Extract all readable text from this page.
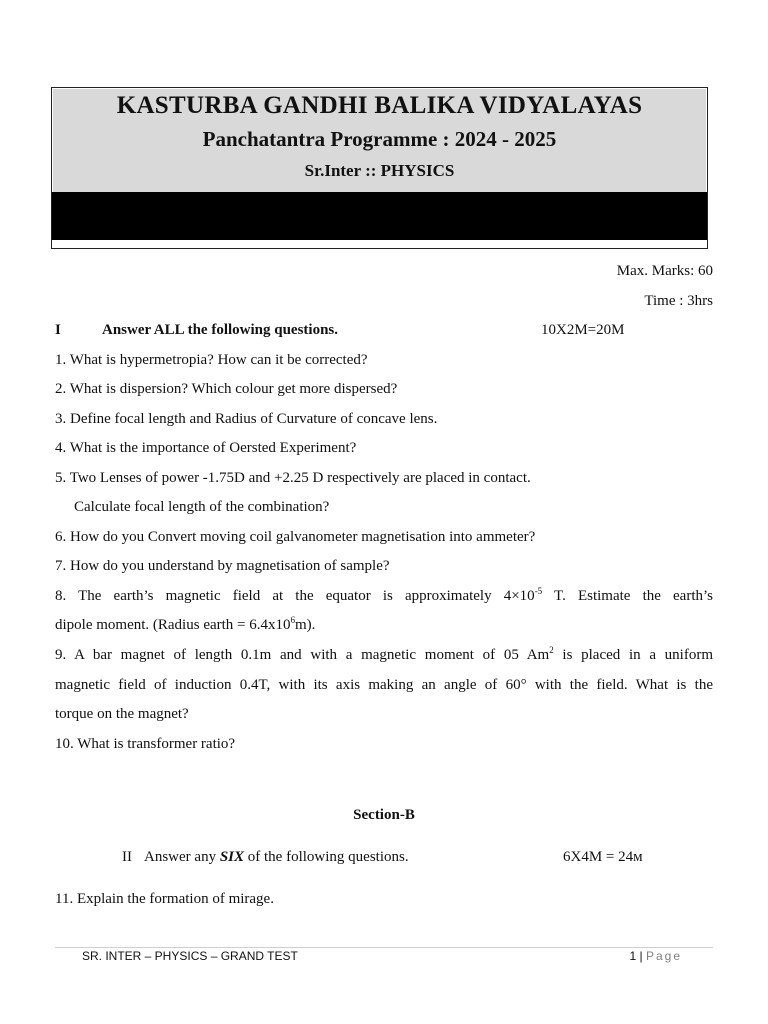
KASTURBA GANDHI BALIKA VIDYALAYAS
Panchatantra Programme : 2024 - 2025
Sr.Inter :: PHYSICS
Max. Marks: 60
Time : 3hrs
I	Answer ALL the following questions.	10X2M=20M
1. What is hypermetropia? How can it be corrected?
2. What is dispersion? Which colour get more dispersed?
3. Define focal length and Radius of Curvature of concave lens.
4. What is the importance of Oersted Experiment?
5. Two Lenses of power -1.75D and +2.25 D respectively are placed in contact.
Calculate focal length of the combination?
6. How do you Convert moving coil galvanometer magnetisation into ammeter?
7. How do you understand by magnetisation of sample?
8. The earth’s magnetic field at the equator is approximately $4\times 10^{-5}$ T. Estimate the earth’s
dipole moment. (Radius earth = $6.4x10^6m$).
9. A bar magnet of length 0.1m and with a magnetic moment of 05 Am$^2$ is placed in a uniform
magnetic field of induction 0.4T, with its axis making an angle of 60° with the field. What is the
torque on the magnet?
10. What is transformer ratio?
Section-B
II Answer any SIX of the following questions.	6X4M = 24м
11. Explain the formation of mirage.
SR. INTER – PHYSICS – GRAND TEST	1 | Page
